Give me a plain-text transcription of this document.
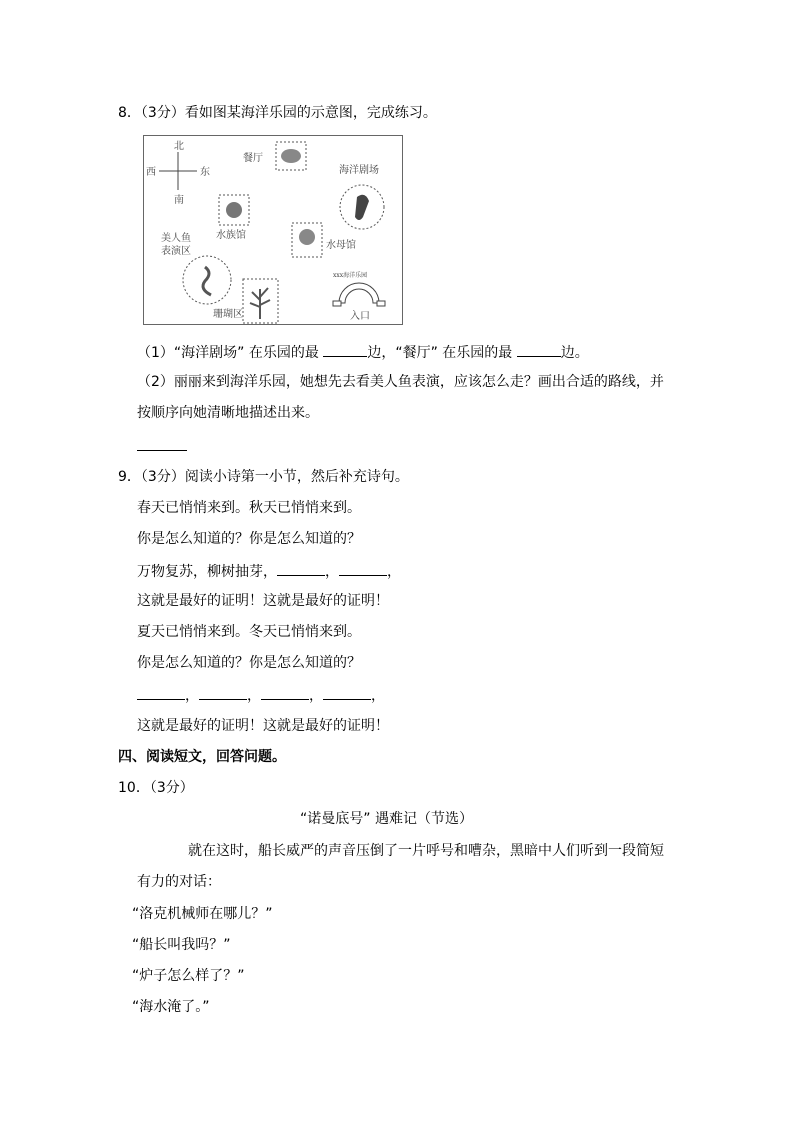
8．（3分）看如图某海洋乐园的示意图，完成练习。
北
南
西	东
餐厅
海洋剧场
水族馆
水母馆
美人鱼
表演区
珊瑚区
xxx海洋乐园
入口
（1）“海洋剧场” 在乐园的最	边，“餐厅” 在乐园的最	边。
（2）丽丽来到海洋乐园，她想先去看美人鱼表演，应该怎么走？画出合适的路线，并
按顺序向她清晰地描述出来。
9．（3分）阅读小诗第一小节，然后补充诗句。
春天已悄悄来到。秋天已悄悄来到。
你是怎么知道的？你是怎么知道的？
万物复苏，柳树抽芽，	，	，
这就是最好的证明！这就是最好的证明！
夏天已悄悄来到。冬天已悄悄来到。
你是怎么知道的？你是怎么知道的？
，	，	，	，
这就是最好的证明！这就是最好的证明！
四、阅读短文，回答问题。
10．（3分）
“诺曼底号” 遇难记（节选）
就在这时，船长威严的声音压倒了一片呼号和嘈杂，黑暗中人们听到一段简短
有力的对话：
“洛克机械师在哪儿？”
“船长叫我吗？”
“炉子怎么样了？”
“海水淹了。”
